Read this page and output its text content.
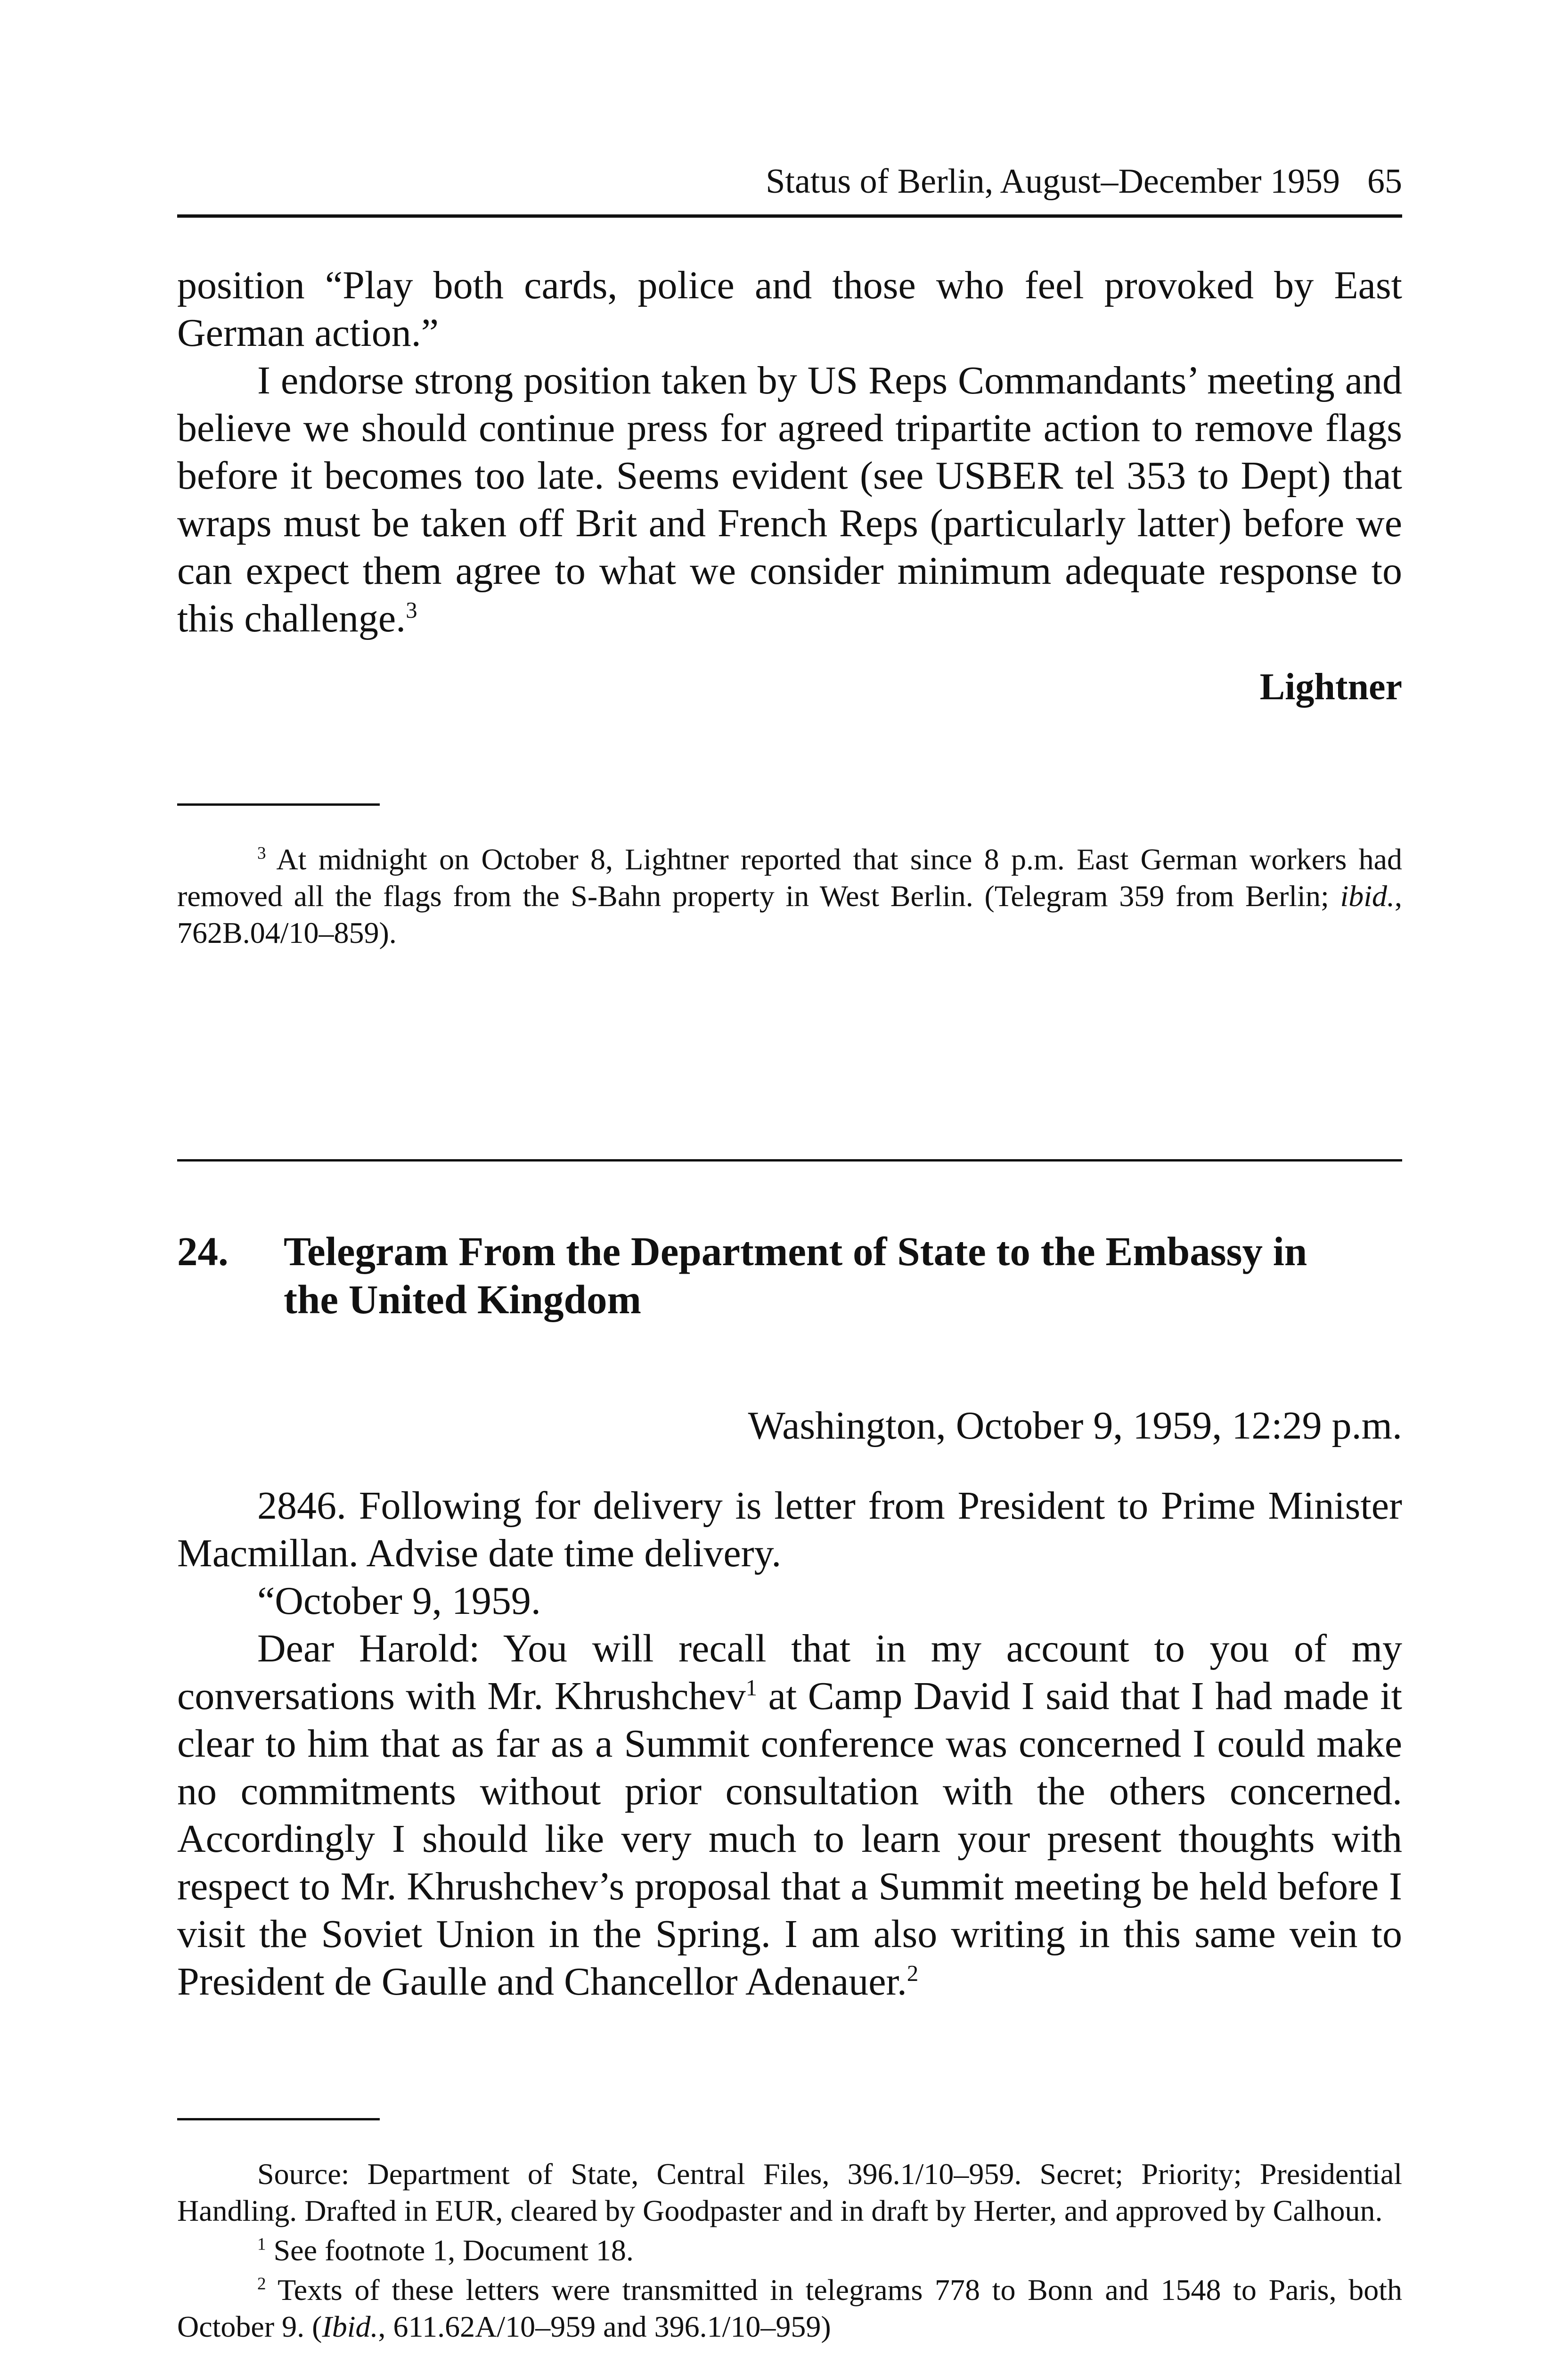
Status of Berlin, August–December 1959 65

position “Play both cards, police and those who feel provoked by East German action.”

I endorse strong position taken by US Reps Commandants’ meeting and believe we should continue press for agreed tripartite action to remove flags before it becomes too late. Seems evident (see USBER tel 353 to Dept) that wraps must be taken off Brit and French Reps (particularly latter) before we can expect them agree to what we consider minimum adequate response to this challenge.$^3$

Lightner

$^3$ At midnight on October 8, Lightner reported that since 8 p.m. East German workers had removed all the flags from the S-Bahn property in West Berlin. (Telegram 359 from Berlin; ibid., 762B.04/10–859).

24. Telegram From the Department of State to the Embassy in the United Kingdom
Washington, October 9, 1959, 12:29 p.m.

2846. Following for delivery is letter from President to Prime Minister Macmillan. Advise date time delivery.

“October 9, 1959.

Dear Harold: You will recall that in my account to you of my conversations with Mr. Khrushchev$^1$ at Camp David I said that I had made it clear to him that as far as a Summit conference was concerned I could make no commitments without prior consultation with the others concerned. Accordingly I should like very much to learn your present thoughts with respect to Mr. Khrushchev’s proposal that a Summit meeting be held before I visit the Soviet Union in the Spring. I am also writing in this same vein to President de Gaulle and Chancellor Adenauer.$^2$

Source: Department of State, Central Files, 396.1/10–959. Secret; Priority; Presidential Handling. Drafted in EUR, cleared by Goodpaster and in draft by Herter, and approved by Calhoun.

$^1$ See footnote 1, Document 18.

$^2$ Texts of these letters were transmitted in telegrams 778 to Bonn and 1548 to Paris, both October 9. (Ibid., 611.62A/10–959 and 396.1/10–959)
